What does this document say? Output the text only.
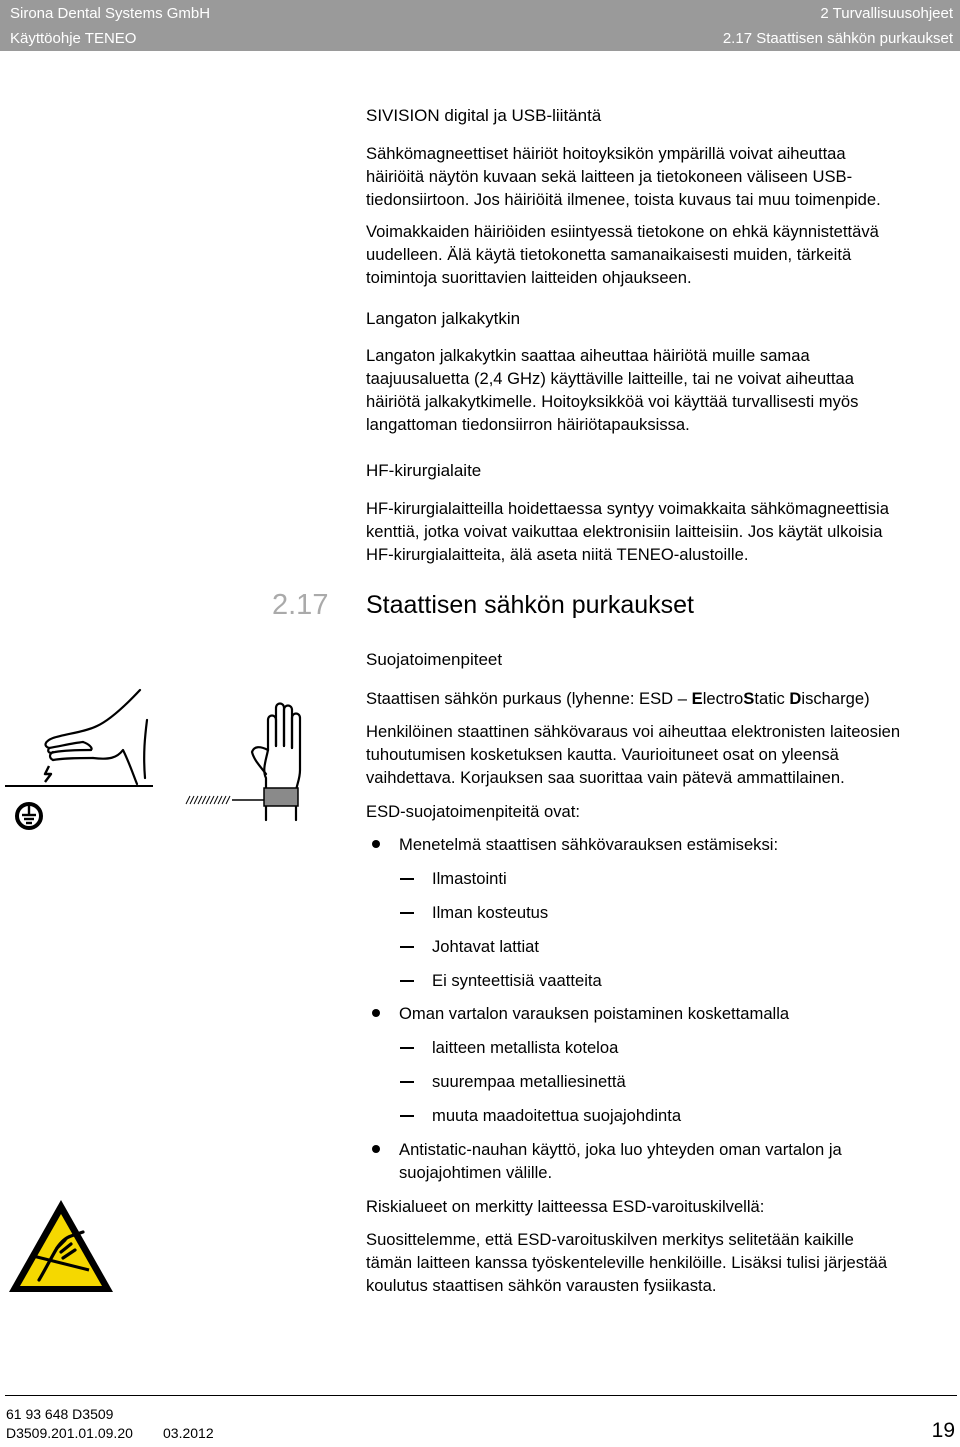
Sirona Dental Systems GmbH
Käyttöohje TENEO
2 Turvallisuusohjeet
2.17 Staattisen sähkön purkaukset
SIVISION digital ja USB-liitäntä
Sähkömagneettiset häiriöt hoitoyksikön ympärillä voivat aiheuttaa
häiriöitä näytön kuvaan sekä laitteen ja tietokoneen väliseen USB-
tiedonsiirtoon. Jos häiriöitä ilmenee, toista kuvaus tai muu toimenpide.
Voimakkaiden häiriöiden esiintyessä tietokone on ehkä käynnistettävä
uudelleen. Älä käytä tietokonetta samanaikaisesti muiden, tärkeitä
toimintoja suorittavien laitteiden ohjaukseen.
Langaton jalkakytkin
Langaton jalkakytkin saattaa aiheuttaa häiriötä muille samaa
taajuusaluetta (2,4 GHz) käyttäville laitteille, tai ne voivat aiheuttaa
häiriötä jalkakytkimelle. Hoitoyksikköä voi käyttää turvallisesti myös
langattoman tiedonsiirron häiriötapauksissa.
HF-kirurgialaite
HF-kirurgialaitteilla hoidettaessa syntyy voimakkaita sähkömagneettisia
kenttiä, jotka voivat vaikuttaa elektronisiin laitteisiin. Jos käytät ulkoisia
HF-kirurgialaitteita, älä aseta niitä TENEO-alustoille.
2.17 Staattisen sähkön purkaukset
Suojatoimenpiteet
Staattisen sähkön purkaus (lyhenne: ESD – ElectroStatic Discharge)
Henkilöinen staattinen sähkövaraus voi aiheuttaa elektronisten laiteosien
tuhoutumisen kosketuksen kautta. Vaurioituneet osat on yleensä
vaihdettava. Korjauksen saa suorittaa vain pätevä ammattilainen.
ESD-suojatoimenpiteitä ovat:
Menetelmä staattisen sähkövarauksen estämiseksi:
Ilmastointi
Ilman kosteutus
Johtavat lattiat
Ei synteettisiä vaatteita
Oman vartalon varauksen poistaminen koskettamalla
laitteen metallista koteloa
suurempaa metalliesinettä
muuta maadoitettua suojajohdinta
Antistatic-nauhan käyttö, joka luo yhteyden oman vartalon ja
suojajohtimen välille.
Riskialueet on merkitty laitteessa ESD-varoituskilvellä:
Suosittelemme, että ESD-varoituskilven merkitys selitetään kaikille
tämän laitteen kanssa työskenteleville henkilöille. Lisäksi tulisi järjestää
koulutus staattisen sähkön varausten fysiikasta.
61 93 648 D3509
D3509.201.01.09.20 03.2012	19
